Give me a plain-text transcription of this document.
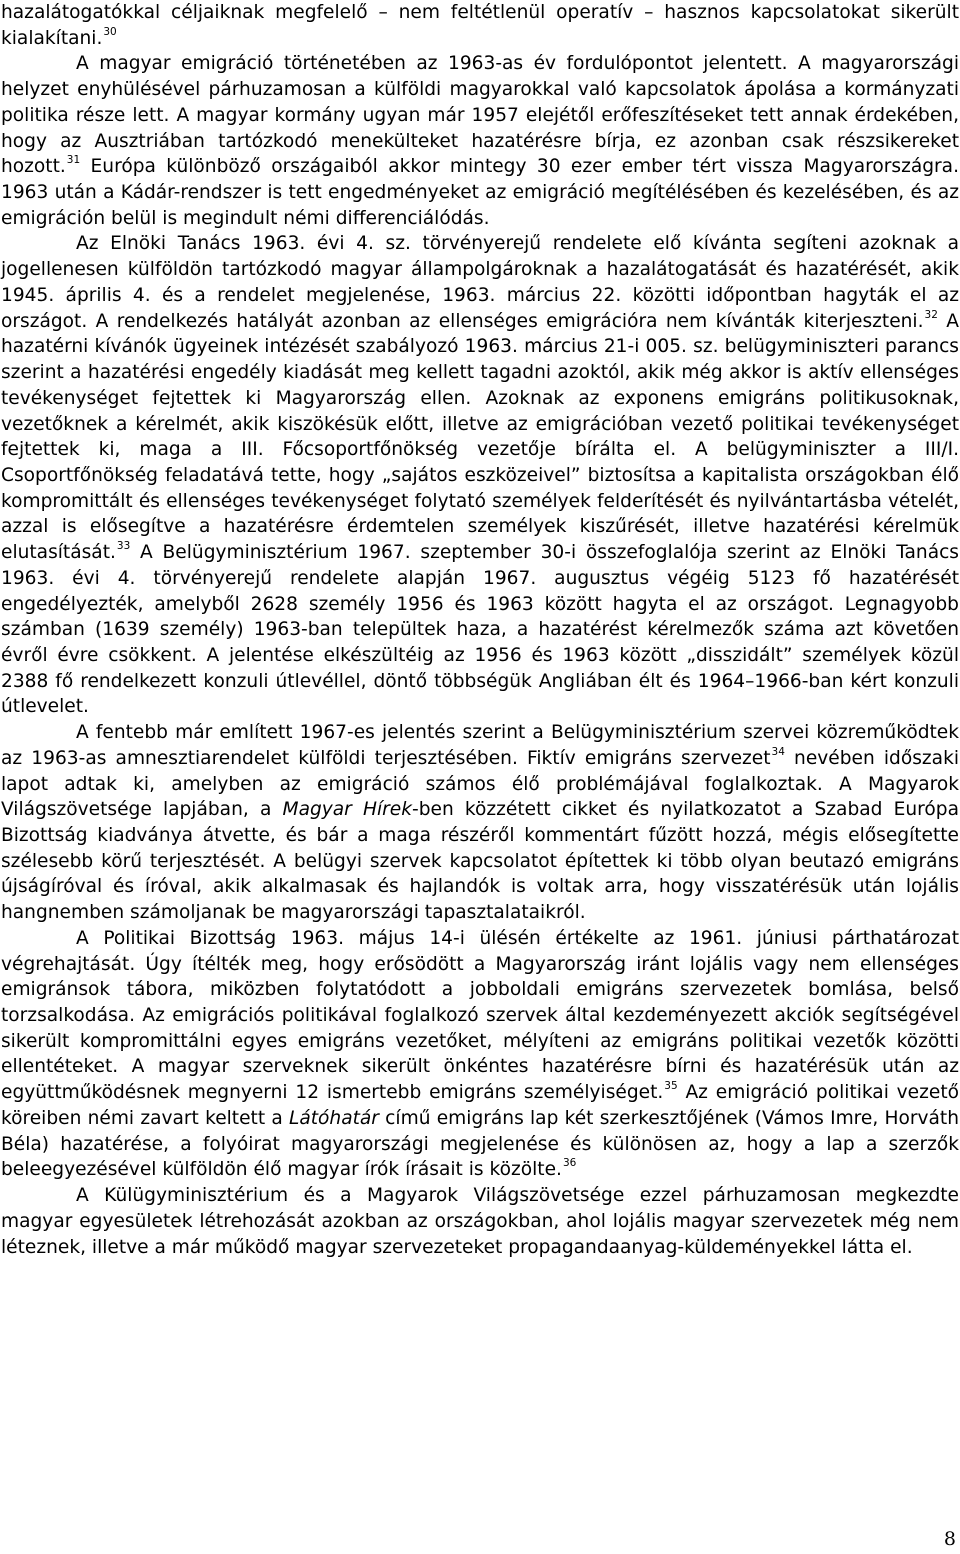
hazalátogatókkal céljaiknak megfelelő – nem feltétlenül operatív – hasznos kapcsolatokat sikerült kialakítani.$^{30}$

A magyar emigráció történetében az 1963-as év fordulópontot jelentett. A magyarországi helyzet enyhülésével párhuzamosan a külföldi magyarokkal való kapcsolatok ápolása a kormányzati politika része lett. A magyar kormány ugyan már 1957 elejétől erőfeszítéseket tett annak érdekében, hogy az Ausztriában tartózkodó menekülteket hazatérésre bírja, ez azonban csak részsikereket hozott.$^{31}$ Európa különböző országaiból akkor mintegy 30 ezer ember tért vissza Magyarországra. 1963 után a Kádár-rendszer is tett engedményeket az emigráció megítélésében és kezelésében, és az emigráción belül is megindult némi differenciálódás.

Az Elnöki Tanács 1963. évi 4. sz. törvényerejű rendelete elő kívánta segíteni azoknak a jogellenesen külföldön tartózkodó magyar állampolgároknak a hazalátogatását és hazatérését, akik 1945. április 4. és a rendelet megjelenése, 1963. március 22. közötti időpontban hagyták el az országot. A rendelkezés hatályát azonban az ellenséges emigrációra nem kívánták kiterjeszteni.$^{32}$ A hazatérni kívánók ügyeinek intézését szabályozó 1963. március 21-i 005. sz. belügyminiszteri parancs szerint a hazatérési engedély kiadását meg kellett tagadni azoktól, akik még akkor is aktív ellenséges tevékenységet fejtettek ki Magyarország ellen. Azoknak az exponens emigráns politikusoknak, vezetőknek a kérelmét, akik kiszökésük előtt, illetve az emigrációban vezető politikai tevékenységet fejtettek ki, maga a III. Főcsoportfőnökség vezetője bírálta el. A belügyminiszter a III/I. Csoportfőnökség feladatává tette, hogy „sajátos eszközeivel” biztosítsa a kapitalista országokban élő kompromittált és ellenséges tevékenységet folytató személyek felderítését és nyilvántartásba vételét, azzal is elősegítve a hazatérésre érdemtelen személyek kiszűrését, illetve hazatérési kérelmük elutasítását.$^{33}$ A Belügyminisztérium 1967. szeptember 30-i összefoglalója szerint az Elnöki Tanács 1963. évi 4. törvényerejű rendelete alapján 1967. augusztus végéig 5123 fő hazatérését engedélyezték, amelyből 2628 személy 1956 és 1963 között hagyta el az országot. Legnagyobb számban (1639 személy) 1963-ban települtek haza, a hazatérést kérelmezők száma azt követően évről évre csökkent. A jelentése elkészültéig az 1956 és 1963 között „disszidált” személyek közül 2388 fő rendelkezett konzuli útlevéllel, döntő többségük Angliában élt és 1964–1966-ban kért konzuli útlevelet.

A fentebb már említett 1967-es jelentés szerint a Belügyminisztérium szervei közreműködtek az 1963-as amnesztiarendelet külföldi terjesztésében. Fiktív emigráns szervezet$^{34}$ nevében időszaki lapot adtak ki, amelyben az emigráció számos élő problémájával foglalkoztak. A Magyarok Világszövetsége lapjában, a Magyar Hírek-ben közzétett cikket és nyilatkozatot a Szabad Európa Bizottság kiadványa átvette, és bár a maga részéről kommentárt fűzött hozzá, mégis elősegítette szélesebb körű terjesztését. A belügyi szervek kapcsolatot építettek ki több olyan beutazó emigráns újságíróval és íróval, akik alkalmasak és hajlandók is voltak arra, hogy visszatérésük után lojális hangnemben számoljanak be magyarországi tapasztalataikról.

A Politikai Bizottság 1963. május 14-i ülésén értékelte az 1961. júniusi párthatározat végrehajtását. Úgy ítélték meg, hogy erősödött a Magyarország iránt lojális vagy nem ellenséges emigránsok tábora, miközben folytatódott a jobboldali emigráns szervezetek bomlása, belső torzsalkodása. Az emigrációs politikával foglalkozó szervek által kezdeményezett akciók segítségével sikerült kompromittálni egyes emigráns vezetőket, mélyíteni az emigráns politikai vezetők közötti ellentéteket. A magyar szerveknek sikerült önkéntes hazatérésre bírni és hazatérésük után az együttműködésnek megnyerni 12 ismertebb emigráns személyiséget.$^{35}$ Az emigráció politikai vezető köreiben némi zavart keltett a Látóhatár című emigráns lap két szerkesztőjének (Vámos Imre, Horváth Béla) hazatérése, a folyóirat magyarországi megjelenése és különösen az, hogy a lap a szerzők beleegyezésével külföldön élő magyar írók írásait is közölte.$^{36}$

A Külügyminisztérium és a Magyarok Világszövetsége ezzel párhuzamosan megkezdte magyar egyesületek létrehozását azokban az országokban, ahol lojális magyar szervezetek még nem léteznek, illetve a már működő magyar szervezeteket propagandaanyag-küldeményekkel látta el.

8
